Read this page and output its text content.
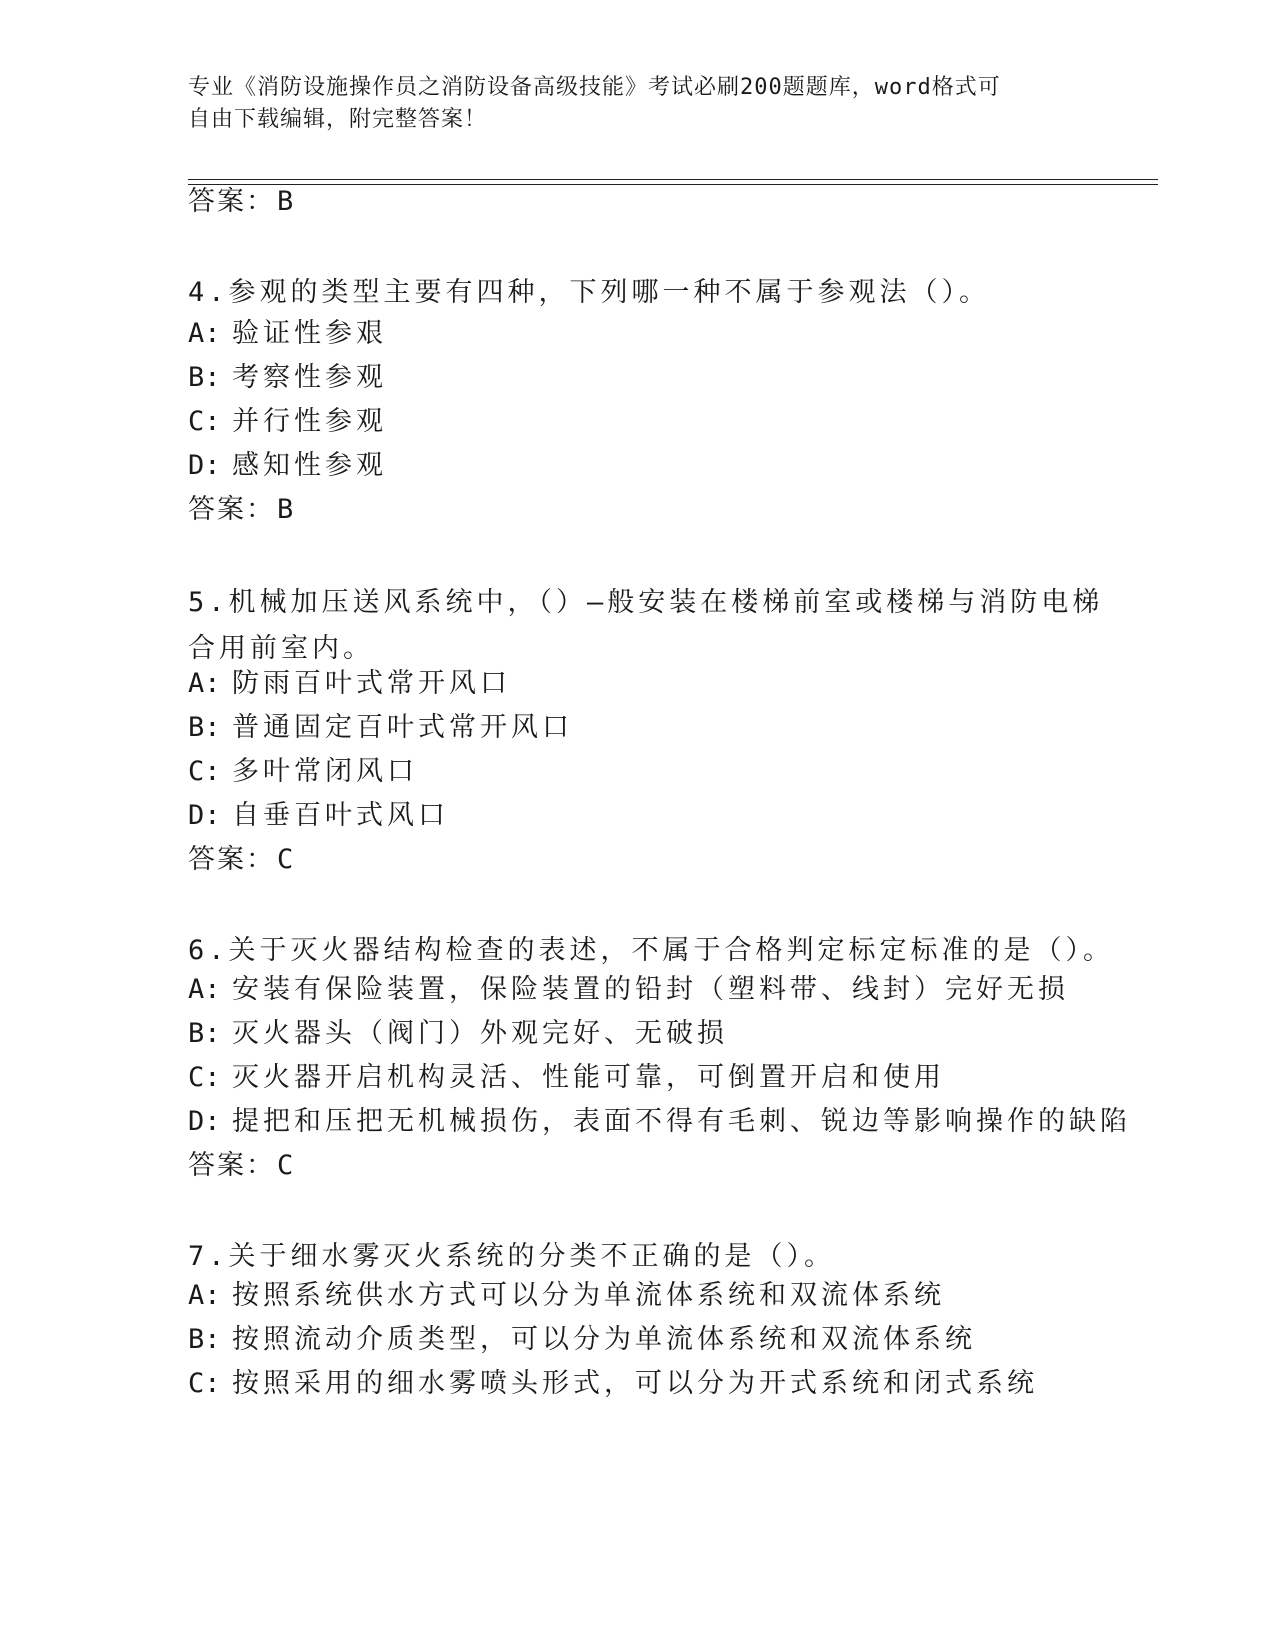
专业《消防设施操作员之消防设备高级技能》考试必刷200题题库，word格式可
自由下载编辑，附完整答案！
答案：B
4.参观的类型主要有四种，下列哪一种不属于参观法（）。
A: 验证性参艰
B: 考察性参观
C: 并行性参观
D: 感知性参观
答案：B
5.机械加压送风系统中，（）—般安装在楼梯前室或楼梯与消防电梯
合用前室内。
A: 防雨百叶式常开风口
B: 普通固定百叶式常开风口
C: 多叶常闭风口
D: 自垂百叶式风口
答案：C
6.关于灭火器结构检查的表述，不属于合格判定标定标准的是（）。
A: 安装有保险装置，保险装置的铅封（塑料带、线封）完好无损
B: 灭火器头（阀门）外观完好、无破损
C: 灭火器开启机构灵活、性能可靠，可倒置开启和使用
D: 提把和压把无机械损伤，表面不得有毛刺、锐边等影响操作的缺陷
答案：C
7.关于细水雾灭火系统的分类不正确的是（）。
A: 按照系统供水方式可以分为单流体系统和双流体系统
B: 按照流动介质类型，可以分为单流体系统和双流体系统
C: 按照采用的细水雾喷头形式，可以分为开式系统和闭式系统
